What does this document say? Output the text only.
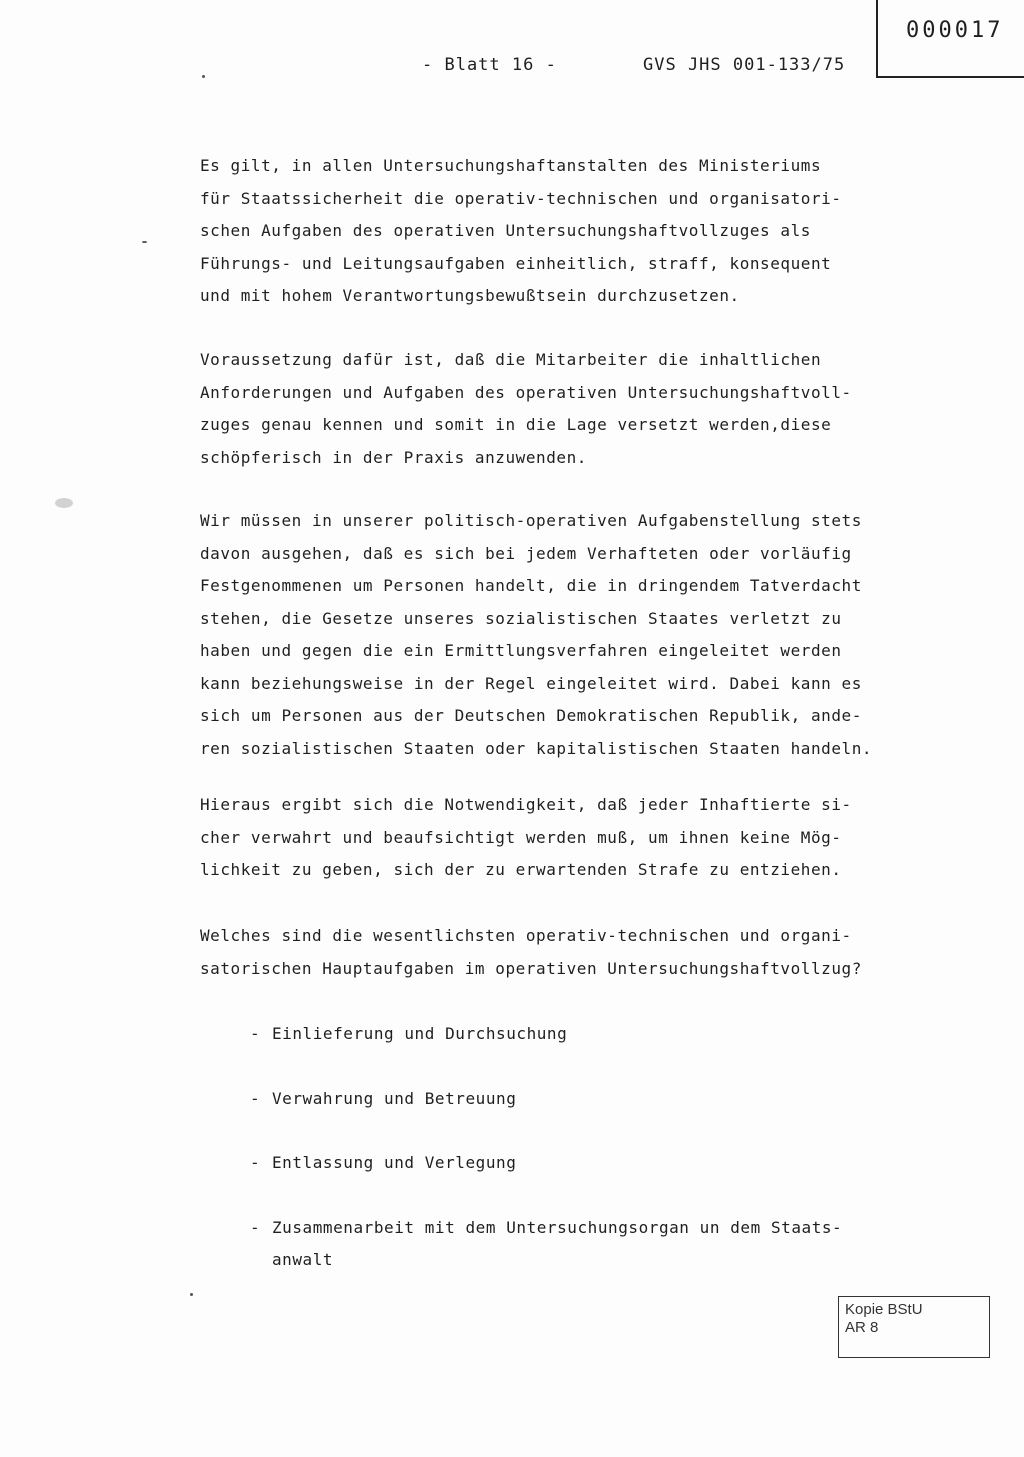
000017
- Blatt 16 -	GVS JHS 001-133/75

Es gilt, in allen Untersuchungshaftanstalten des Ministeriums
für Staatssicherheit die operativ-technischen und organisatori-
schen Aufgaben des operativen Untersuchungshaftvollzuges als
Führungs- und Leitungsaufgaben einheitlich, straff, konsequent
und mit hohem Verantwortungsbewußtsein durchzusetzen.

Voraussetzung dafür ist, daß die Mitarbeiter die inhaltlichen
Anforderungen und Aufgaben des operativen Untersuchungshaftvoll-
zuges genau kennen und somit in die Lage versetzt werden,diese
schöpferisch in der Praxis anzuwenden.

Wir müssen in unserer politisch-operativen Aufgabenstellung stets
davon ausgehen, daß es sich bei jedem Verhafteten oder vorläufig
Festgenommenen um Personen handelt, die in dringendem Tatverdacht
stehen, die Gesetze unseres sozialistischen Staates verletzt zu
haben und gegen die ein Ermittlungsverfahren eingeleitet werden
kann beziehungsweise in der Regel eingeleitet wird. Dabei kann es
sich um Personen aus der Deutschen Demokratischen Republik, ande-
ren sozialistischen Staaten oder kapitalistischen Staaten handeln.

Hieraus ergibt sich die Notwendigkeit, daß jeder Inhaftierte si-
cher verwahrt und beaufsichtigt werden muß, um ihnen keine Mög-
lichkeit zu geben, sich der zu erwartenden Strafe zu entziehen.

Welches sind die wesentlichsten operativ-technischen und organi-
satorischen Hauptaufgaben im operativen Untersuchungshaftvollzug?

-

Einlieferung und Durchsuchung

-

Verwahrung und Betreuung

-

Entlassung und Verlegung

-

Zusammenarbeit mit dem Untersuchungsorgan un dem Staats-
anwalt

Kopie BStU
AR 8
